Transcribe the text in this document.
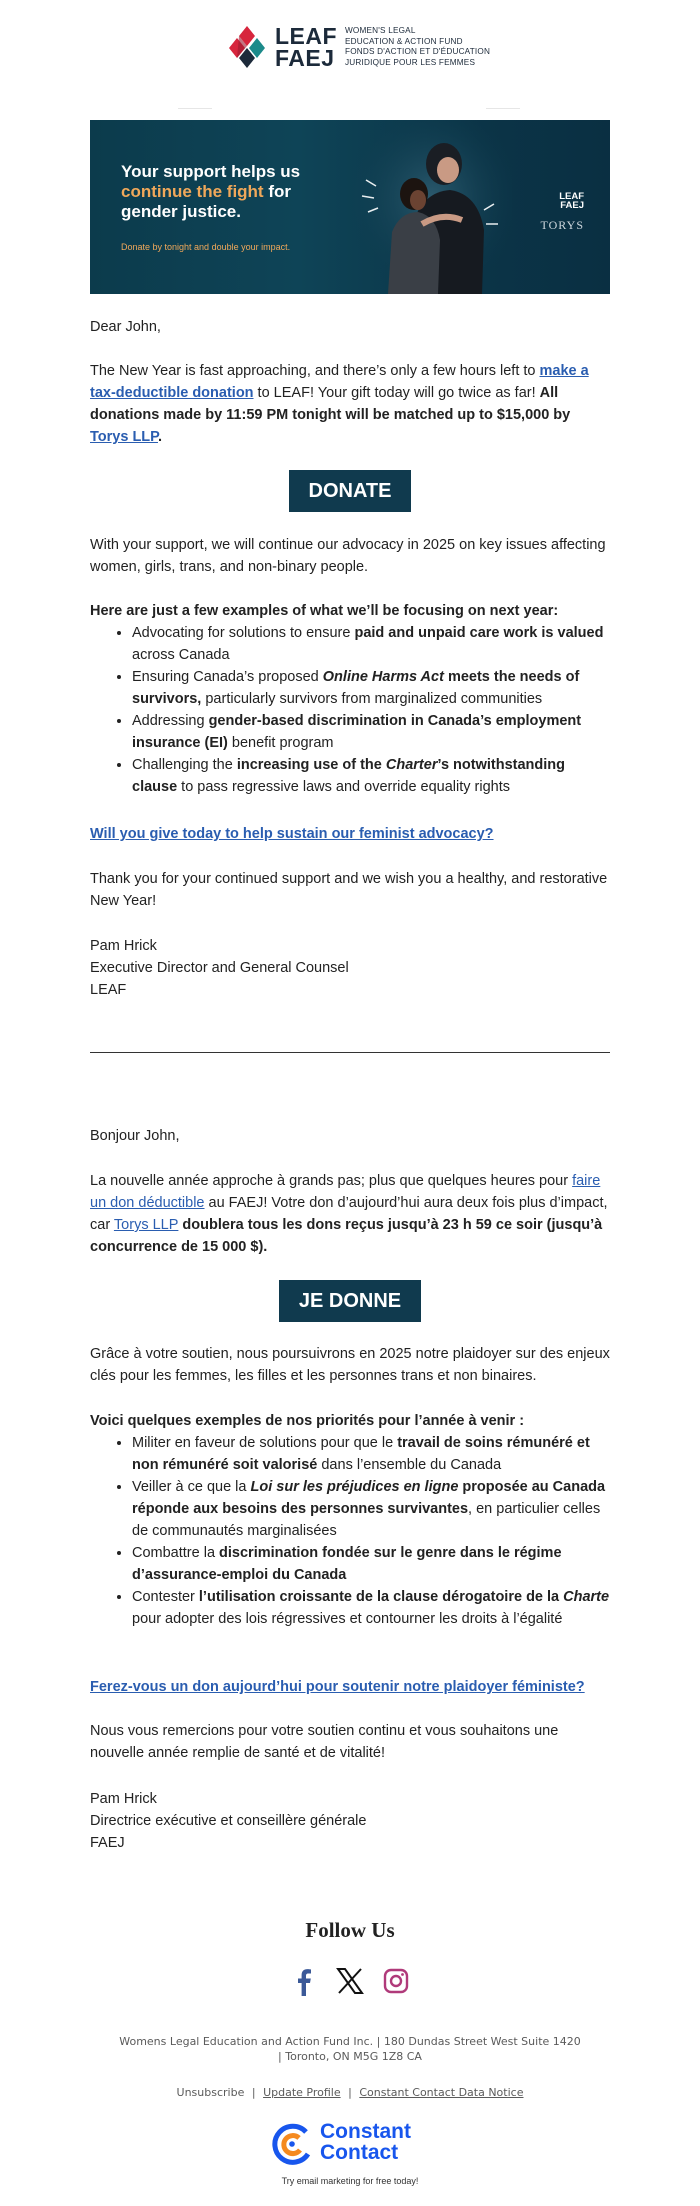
LEAF
FAEJ
WOMEN'S LEGAL
EDUCATION & ACTION FUND
FONDS D'ACTION ET D'ÉDUCATION
JURIDIQUE POUR LES FEMMES
Your support helps us
continue the fight for
gender justice.
Donate by tonight and double your impact.
LEAF
FAEJ
TORYS

Dear John,

The New Year is fast approaching, and there’s only a few hours left to make a tax-deductible donation to LEAF! Your gift today will go twice as far! All donations made by 11:59 PM tonight will be matched up to $15,000 by Torys LLP.

DONATE

With your support, we will continue our advocacy in 2025 on key issues affecting women, girls, trans, and non-binary people.

Here are just a few examples of what we’ll be focusing on next year:

• Advocating for solutions to ensure paid and unpaid care work is valued across Canada
• Ensuring Canada’s proposed Online Harms Act meets the needs of survivors, particularly survivors from marginalized communities
• Addressing gender-based discrimination in Canada’s employment insurance (EI) benefit program
• Challenging the increasing use of the Charter’s notwithstanding clause to pass regressive laws and override equality rights

Will you give today to help sustain our feminist advocacy?

Thank you for your continued support and we wish you a healthy, and restorative New Year!

Pam Hrick

Executive Director and General Counsel

LEAF

Bonjour John,

La nouvelle année approche à grands pas; plus que quelques heures pour faire un don déductible au FAEJ! Votre don d’aujourd’hui aura deux fois plus d’impact, car Torys LLP doublera tous les dons reçus jusqu’à 23 h 59 ce soir (jusqu’à concurrence de 15 000 $).

JE DONNE

Grâce à votre soutien, nous poursuivrons en 2025 notre plaidoyer sur des enjeux clés pour les femmes, les filles et les personnes trans et non binaires.

Voici quelques exemples de nos priorités pour l’année à venir :

• Militer en faveur de solutions pour que le travail de soins rémunéré et non rémunéré soit valorisé dans l’ensemble du Canada
• Veiller à ce que la Loi sur les préjudices en ligne proposée au Canada réponde aux besoins des personnes survivantes, en particulier celles de communautés marginalisées
• Combattre la discrimination fondée sur le genre dans le régime d’assurance-emploi du Canada
• Contester l’utilisation croissante de la clause dérogatoire de la Charte pour adopter des lois régressives et contourner les droits à l’égalité

Ferez-vous un don aujourd’hui pour soutenir notre plaidoyer féministe?

Nous vous remercions pour votre soutien continu et vous souhaitons une nouvelle année remplie de santé et de vitalité!

Pam Hrick

Directrice exécutive et conseillère générale

FAEJ

Follow Us

Womens Legal Education and Action Fund Inc. | 180 Dundas Street West Suite 1420
| Toronto, ON M5G 1Z8 CA
Unsubscribe | Update Profile | Constant Contact Data Notice
Constant
Contact
Try email marketing for free today!
